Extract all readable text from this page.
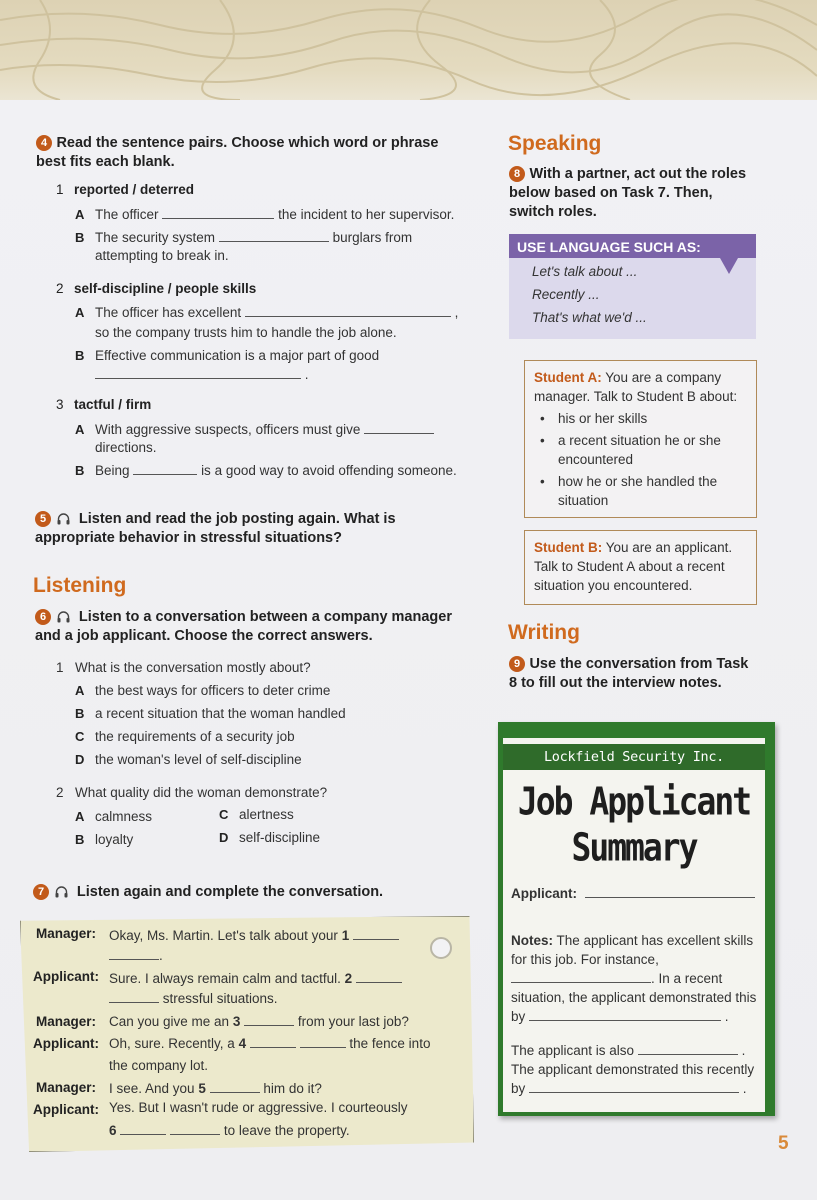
4 Read the sentence pairs. Choose which word or phrase best fits each blank.
1 reported / deterred
A The officer	the incident to her supervisor.
B The security system	burglars from
attempting to break in.
2 self-discipline / people skills
A The officer has excellent	,
so the company trusts him to handle the job alone.
B Effective communication is a major part of good
.
3 tactful / firm
A With aggressive suspects, officers must give
directions.
B Being	is a good way to avoid offending someone.
5 Listen and read the job posting again. What is appropriate behavior in stressful situations?
Listening
6 Listen to a conversation between a company manager and a job applicant. Choose the correct answers.
1 What is the conversation mostly about?
A the best ways for officers to deter crime
B a recent situation that the woman handled
C the requirements of a security job
D the woman's level of self-discipline
2 What quality did the woman demonstrate?
A calmness	C alertness
B loyalty	D self-discipline
7 Listen again and complete the conversation.
Manager: Okay, Ms. Martin. Let's talk about your 1
.
Applicant: Sure. I always remain calm and tactful. 2
stressful situations.
Manager: Can you give me an 3	from your last job?
Applicant: Oh, sure. Recently, a 4	the fence into
the company lot.
Manager: I see. And you 5	him do it?
Applicant: Yes. But I wasn't rude or aggressive. I courteously
6	to leave the property.
Speaking
8 With a partner, act out the roles below based on Task 7. Then, switch roles.
USE LANGUAGE SUCH AS:
Let's talk about ...
Recently ...
That's what we'd ...
Student A: You are a company manager. Talk to Student B about:
• his or her skills
• a recent situation he or she encountered
• how he or she handled the situation
Student B: You are an applicant. Talk to Student A about a recent situation you encountered.
Writing
9 Use the conversation from Task 8 to fill out the interview notes.
Lockfield Security Inc.
Job Applicant
Summary
Applicant:
Notes: The applicant has excellent skills for this job. For instance, . In a recent situation, the applicant demonstrated this by	.
The applicant is also	. The applicant demonstrated this recently by	.
5
